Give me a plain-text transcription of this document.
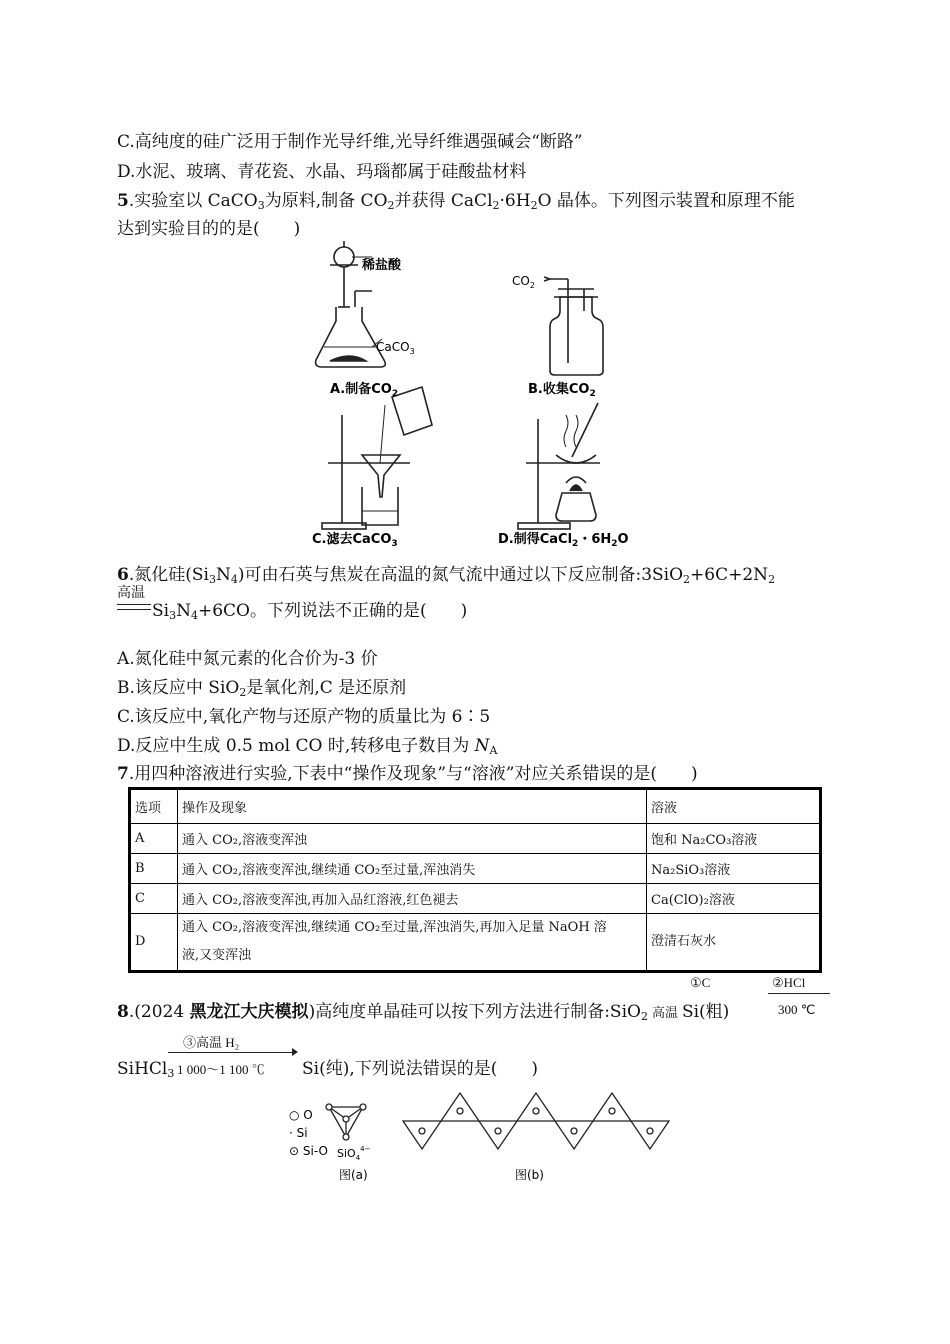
C.高纯度的硅广泛用于制作光导纤维,光导纤维遇强碱会“断路”
D.水泥、玻璃、青花瓷、水晶、玛瑙都属于硅酸盐材料
5.实验室以 CaCO$_3$为原料,制备 $CO_2$并获得 $CaCl_2\cdot 6H_2O$ 晶体。下列图示装置和原理不能
达到实验目的的是(　　)
稀盐酸
CaCO$_3$
$CO_2$
A.制备$CO_2$	B.收集$CO_2$
C.滤去CaCO$_3$	D.制得CaCl$_2$・$6H_2O$
6.氮化硅$(Si_3N_4)$可由石英与焦炭在高温的氮气流中通过以下反应制备$:3SiO_2+6C+2N_2$
高温
$Si_3N_4+6CO$。下列说法不正确的是(　　)
A.氮化硅中氮元素的化合价为-3 价
B.该反应中 SiO$_2$是氧化剂,C 是还原剂
C.该反应中,氧化产物与还原产物的质量比为 6∶5
D.反应中生成 0.5 mol CO 时,转移电子数目为 $N_A$
7.用四种溶液进行实验,下表中“操作及现象”与“溶液”对应关系错误的是(　　)
选项	操作及现象	溶液
A	通入 CO₂,溶液变浑浊	饱和 Na₂CO₃溶液
B	通入 CO₂,溶液变浑浊,继续通 CO₂至过量,浑浊消失	Na₂SiO₃溶液
C	通入 CO₂,溶液变浑浊,再加入品红溶液,红色褪去	Ca(ClO)₂溶液
D	通入 CO₂,溶液变浑浊,继续通 CO₂至过量,浑浊消失,再加入足量 NaOH 溶
液,又变浑浊	澄清石灰水
①C	②HCl
8.(2024 黑龙江大庆模拟)高纯度单晶硅可以按下列方法进行制备:SiO$_2$ 高温 Si(粗)	300 ℃
③高温 H₂
SiHCl$_3$ 1 000～1 100 ℃ Si(纯),下列说法错误的是(　　)
○ O
· Si
⊙ Si-O SiO$_4^{4-}$
图(a)	图(b)
